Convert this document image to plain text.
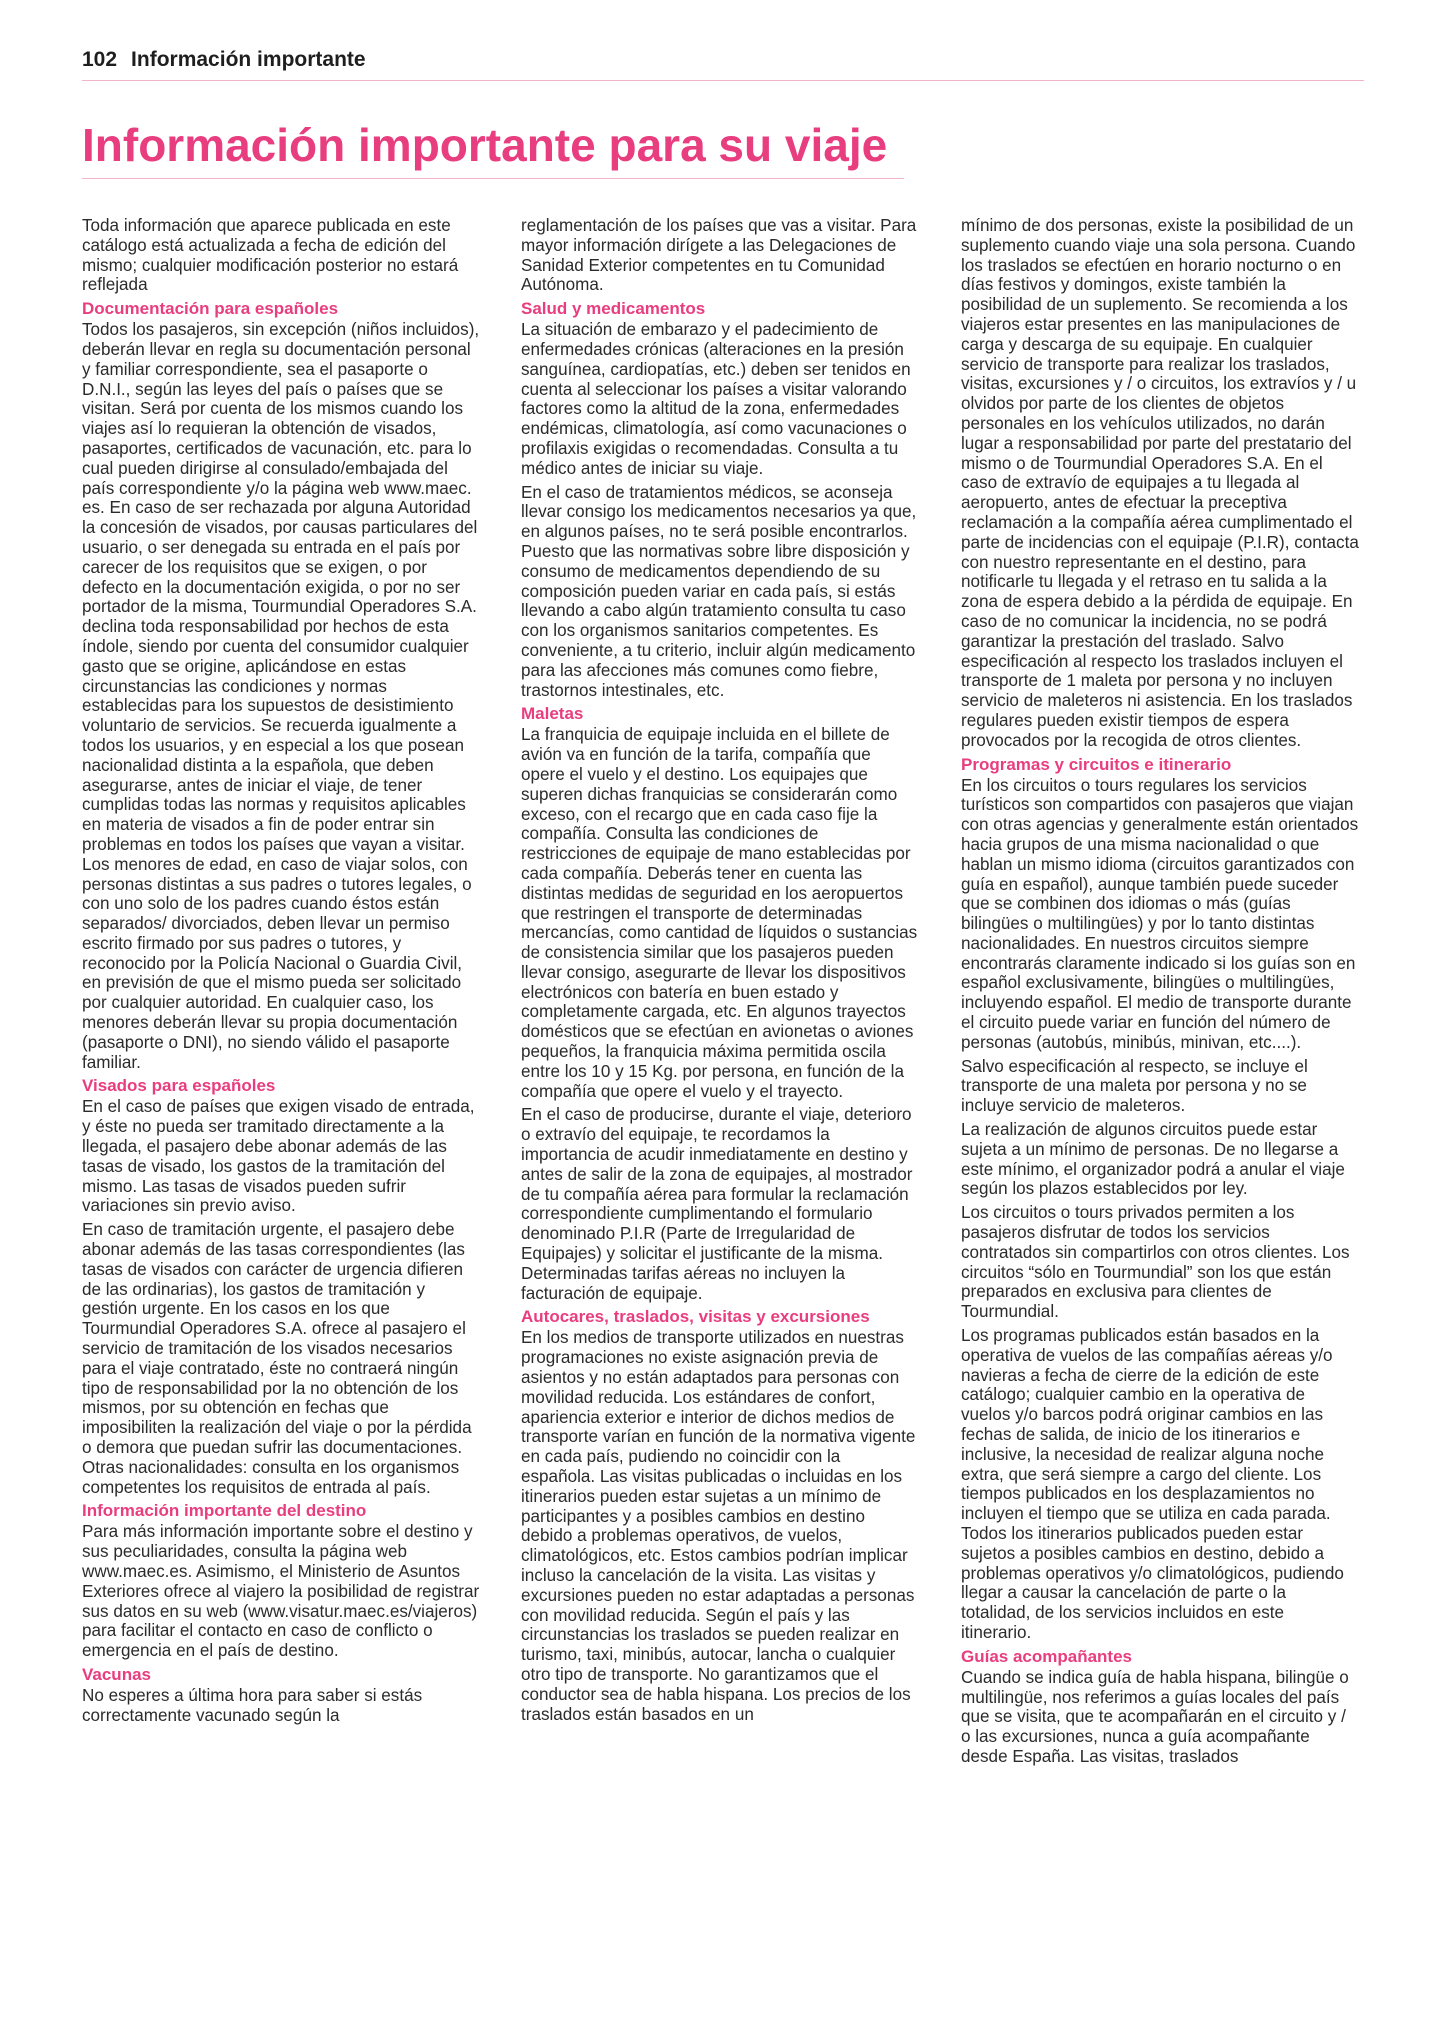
102 Información importante
Información importante para su viaje

Toda información que aparece publicada en este catálogo está actualizada a fecha de edición del mismo; cualquier modificación posterior no estará reflejada

Documentación para españoles

Todos los pasajeros, sin excepción (niños incluidos), deberán llevar en regla su documentación personal y familiar correspondiente, sea el pasaporte o D.N.I., según las leyes del país o países que se visitan. Será por cuenta de los mismos cuando los viajes así lo requieran la obtención de visados, pasaportes, certificados de vacunación, etc. para lo cual pueden dirigirse al consulado/embajada del país correspondiente y/o la página web www.maec. es. En caso de ser rechazada por alguna Autoridad la concesión de visados, por causas particulares del usuario, o ser denegada su entrada en el país por carecer de los requisitos que se exigen, o por defecto en la documentación exigida, o por no ser portador de la misma, Tourmundial Operadores S.A. declina toda responsabilidad por hechos de esta índole, siendo por cuenta del consumidor cualquier gasto que se origine, aplicándose en estas circunstancias las condiciones y normas establecidas para los supuestos de desistimiento voluntario de servicios. Se recuerda igualmente a todos los usuarios, y en especial a los que posean nacionalidad distinta a la española, que deben asegurarse, antes de iniciar el viaje, de tener cumplidas todas las normas y requisitos aplicables en materia de visados a fin de poder entrar sin problemas en todos los países que vayan a visitar. Los menores de edad, en caso de viajar solos, con personas distintas a sus padres o tutores legales, o con uno solo de los padres cuando éstos están separados/ divorciados, deben llevar un permiso escrito firmado por sus padres o tutores, y reconocido por la Policía Nacional o Guardia Civil, en previsión de que el mismo pueda ser solicitado por cualquier autoridad. En cualquier caso, los menores deberán llevar su propia documentación (pasaporte o DNI), no siendo válido el pasaporte familiar.

Visados para españoles

En el caso de países que exigen visado de entrada, y éste no pueda ser tramitado directamente a la llegada, el pasajero debe abonar además de las tasas de visado, los gastos de la tramitación del mismo. Las tasas de visados pueden sufrir variaciones sin previo aviso.

En caso de tramitación urgente, el pasajero debe abonar además de las tasas correspondientes (las tasas de visados con carácter de urgencia difieren de las ordinarias), los gastos de tramitación y gestión urgente. En los casos en los que Tourmundial Operadores S.A. ofrece al pasajero el servicio de tramitación de los visados necesarios para el viaje contratado, éste no contraerá ningún tipo de responsabilidad por la no obtención de los mismos, por su obtención en fechas que imposibiliten la realización del viaje o por la pérdida o demora que puedan sufrir las documentaciones. Otras nacionalidades: consulta en los organismos competentes los requisitos de entrada al país.

Información importante del destino

Para más información importante sobre el destino y sus peculiaridades, consulta la página web www.maec.es. Asimismo, el Ministerio de Asuntos Exteriores ofrece al viajero la posibilidad de registrar sus datos en su web (www.visatur.maec.es/viajeros) para facilitar el contacto en caso de conflicto o emergencia en el país de destino.

Vacunas

No esperes a última hora para saber si estás correctamente vacunado según la

reglamentación de los países que vas a visitar. Para mayor información dirígete a las Delegaciones de Sanidad Exterior competentes en tu Comunidad Autónoma.

Salud y medicamentos

La situación de embarazo y el padecimiento de enfermedades crónicas (alteraciones en la presión sanguínea, cardiopatías, etc.) deben ser tenidos en cuenta al seleccionar los países a visitar valorando factores como la altitud de la zona, enfermedades endémicas, climatología, así como vacunaciones o profilaxis exigidas o recomendadas. Consulta a tu médico antes de iniciar su viaje.

En el caso de tratamientos médicos, se aconseja llevar consigo los medicamentos necesarios ya que, en algunos países, no te será posible encontrarlos. Puesto que las normativas sobre libre disposición y consumo de medicamentos dependiendo de su composición pueden variar en cada país, si estás llevando a cabo algún tratamiento consulta tu caso con los organismos sanitarios competentes. Es conveniente, a tu criterio, incluir algún medicamento para las afecciones más comunes como fiebre, trastornos intestinales, etc.

Maletas

La franquicia de equipaje incluida en el billete de avión va en función de la tarifa, compañía que opere el vuelo y el destino. Los equipajes que superen dichas franquicias se considerarán como exceso, con el recargo que en cada caso fije la compañía. Consulta las condiciones de restricciones de equipaje de mano establecidas por cada compañía. Deberás tener en cuenta las distintas medidas de seguridad en los aeropuertos que restringen el transporte de determinadas mercancías, como cantidad de líquidos o sustancias de consistencia similar que los pasajeros pueden llevar consigo, asegurarte de llevar los dispositivos electrónicos con batería en buen estado y completamente cargada, etc. En algunos trayectos domésticos que se efectúan en avionetas o aviones pequeños, la franquicia máxima permitida oscila entre los 10 y 15 Kg. por persona, en función de la compañía que opere el vuelo y el trayecto.

En el caso de producirse, durante el viaje, deterioro o extravío del equipaje, te recordamos la importancia de acudir inmediatamente en destino y antes de salir de la zona de equipajes, al mostrador de tu compañía aérea para formular la reclamación correspondiente cumplimentando el formulario denominado P.I.R (Parte de Irregularidad de Equipajes) y solicitar el justificante de la misma. Determinadas tarifas aéreas no incluyen la facturación de equipaje.

Autocares, traslados, visitas y excursiones

En los medios de transporte utilizados en nuestras programaciones no existe asignación previa de asientos y no están adaptados para personas con movilidad reducida. Los estándares de confort, apariencia exterior e interior de dichos medios de transporte varían en función de la normativa vigente en cada país, pudiendo no coincidir con la española. Las visitas publicadas o incluidas en los itinerarios pueden estar sujetas a un mínimo de participantes y a posibles cambios en destino debido a problemas operativos, de vuelos, climatológicos, etc. Estos cambios podrían implicar incluso la cancelación de la visita. Las visitas y excursiones pueden no estar adaptadas a personas con movilidad reducida. Según el país y las circunstancias los traslados se pueden realizar en turismo, taxi, minibús, autocar, lancha o cualquier otro tipo de transporte. No garantizamos que el conductor sea de habla hispana. Los precios de los traslados están basados en un

mínimo de dos personas, existe la posibilidad de un suplemento cuando viaje una sola persona. Cuando los traslados se efectúen en horario nocturno o en días festivos y domingos, existe también la posibilidad de un suplemento. Se recomienda a los viajeros estar presentes en las manipulaciones de carga y descarga de su equipaje. En cualquier servicio de transporte para realizar los traslados, visitas, excursiones y / o circuitos, los extravíos y / u olvidos por parte de los clientes de objetos personales en los vehículos utilizados, no darán lugar a responsabilidad por parte del prestatario del mismo o de Tourmundial Operadores S.A. En el caso de extravío de equipajes a tu llegada al aeropuerto, antes de efectuar la preceptiva reclamación a la compañía aérea cumplimentado el parte de incidencias con el equipaje (P.I.R), contacta con nuestro representante en el destino, para notificarle tu llegada y el retraso en tu salida a la zona de espera debido a la pérdida de equipaje. En caso de no comunicar la incidencia, no se podrá garantizar la prestación del traslado. Salvo especificación al respecto los traslados incluyen el transporte de 1 maleta por persona y no incluyen servicio de maleteros ni asistencia. En los traslados regulares pueden existir tiempos de espera provocados por la recogida de otros clientes.

Programas y circuitos e itinerario

En los circuitos o tours regulares los servicios turísticos son compartidos con pasajeros que viajan con otras agencias y generalmente están orientados hacia grupos de una misma nacionalidad o que hablan un mismo idioma (circuitos garantizados con guía en español), aunque también puede suceder que se combinen dos idiomas o más (guías bilingües o multilingües) y por lo tanto distintas nacionalidades. En nuestros circuitos siempre encontrarás claramente indicado si los guías son en español exclusivamente, bilingües o multilingües, incluyendo español. El medio de transporte durante el circuito puede variar en función del número de personas (autobús, minibús, minivan, etc....).

Salvo especificación al respecto, se incluye el transporte de una maleta por persona y no se incluye servicio de maleteros.

La realización de algunos circuitos puede estar sujeta a un mínimo de personas. De no llegarse a este mínimo, el organizador podrá a anular el viaje según los plazos establecidos por ley.

Los circuitos o tours privados permiten a los pasajeros disfrutar de todos los servicios contratados sin compartirlos con otros clientes. Los circuitos “sólo en Tourmundial” son los que están preparados en exclusiva para clientes de Tourmundial.

Los programas publicados están basados en la operativa de vuelos de las compañías aéreas y/o navieras a fecha de cierre de la edición de este catálogo; cualquier cambio en la operativa de vuelos y/o barcos podrá originar cambios en las fechas de salida, de inicio de los itinerarios e inclusive, la necesidad de realizar alguna noche extra, que será siempre a cargo del cliente. Los tiempos publicados en los desplazamientos no incluyen el tiempo que se utiliza en cada parada. Todos los itinerarios publicados pueden estar sujetos a posibles cambios en destino, debido a problemas operativos y/o climatológicos, pudiendo llegar a causar la cancelación de parte o la totalidad, de los servicios incluidos en este itinerario.

Guías acompañantes

Cuando se indica guía de habla hispana, bilingüe o multilingüe, nos referimos a guías locales del país que se visita, que te acompañarán en el circuito y / o las excursiones, nunca a guía acompañante desde España. Las visitas, traslados
